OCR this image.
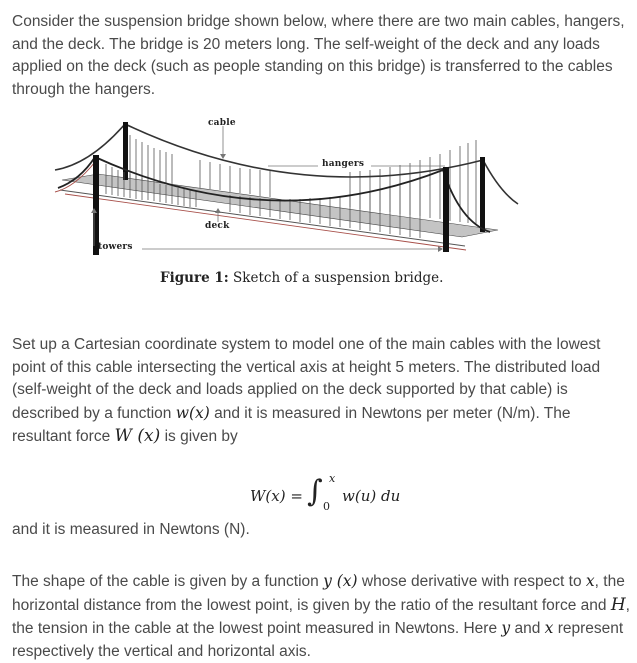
Consider the suspension bridge shown below, where there are two main cables, hangers, and the deck. The bridge is 20 meters long. The self-weight of the deck and any loads applied on the deck (such as people standing on this bridge) is transferred to the cables through the hangers.

cable
hangers
deck
towers
Figure 1: Sketch of a suspension bridge.

Set up a Cartesian coordinate system to model one of the main cables with the lowest point of this cable intersecting the vertical axis at height 5 meters. The distributed load (self-weight of the deck and loads applied on the deck supported by that cable) is described by a function w(x) and it is measured in Newtons per meter (N/m). The resultant force W (x) is given by

W(x) = ∫ x
0
w(u) du

and it is measured in Newtons (N).

The shape of the cable is given by a function y (x) whose derivative with respect to x, the horizontal distance from the lowest point, is given by the ratio of the resultant force and H, the tension in the cable at the lowest point measured in Newtons. Here y and x represent respectively the vertical and horizontal axis.
